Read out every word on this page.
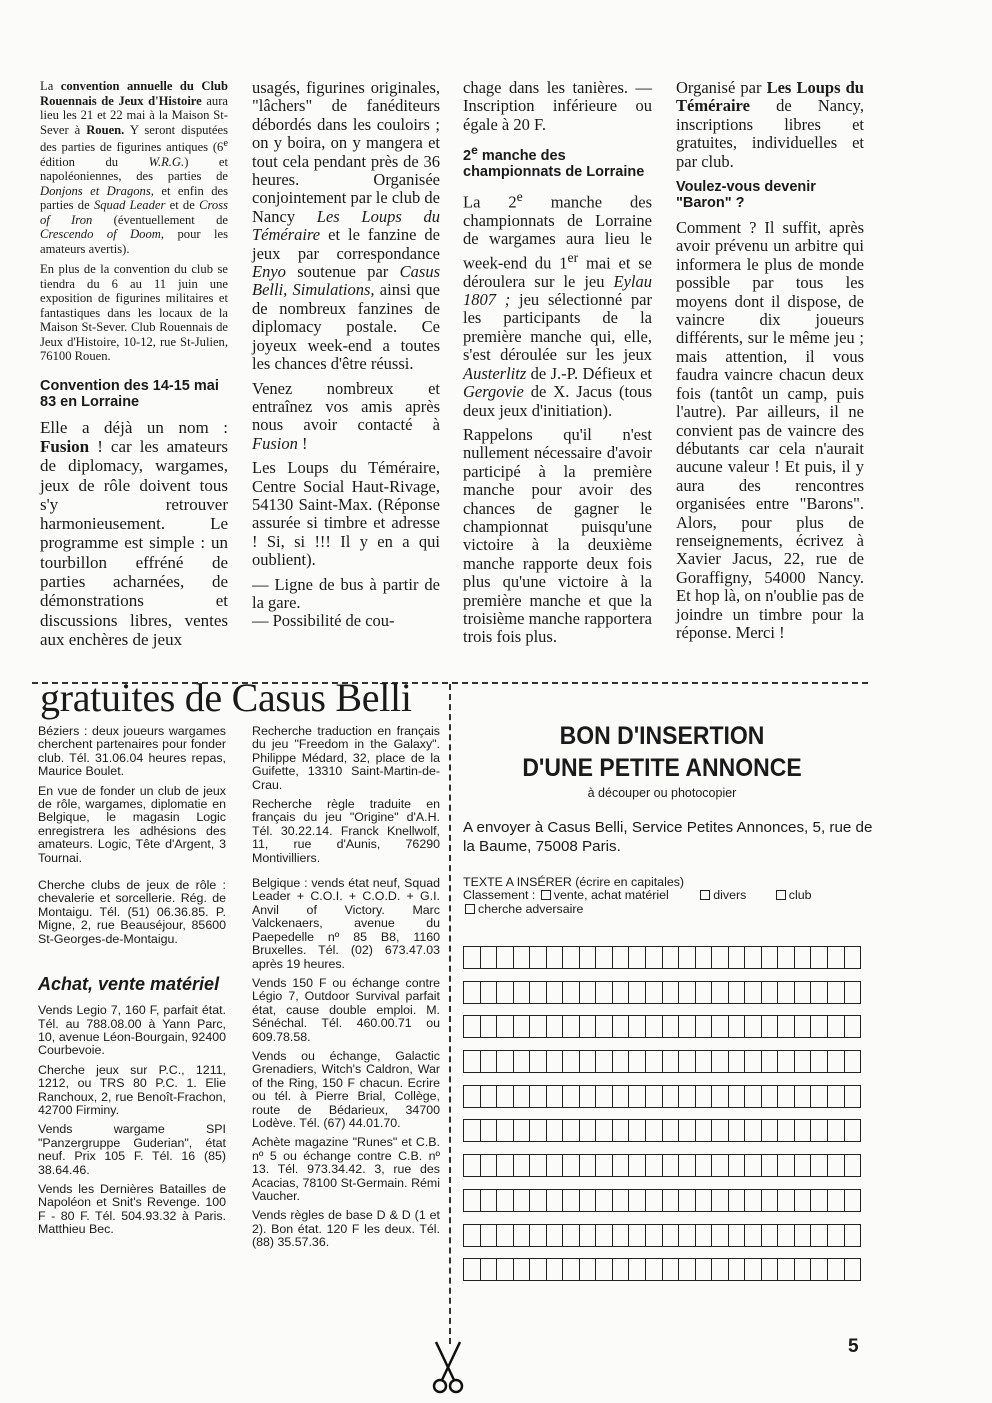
La convention annuelle du Club Rouennais de Jeux d'Histoire aura lieu les 21 et 22 mai à la Maison St-Sever à Rouen. Y seront disputées des parties de figurines antiques (6e édition du W.R.G.) et napoléoniennes, des parties de Donjons et Dragons, et enfin des parties de Squad Leader et de Cross of Iron (éventuellement de Crescendo of Doom, pour les amateurs avertis).

En plus de la convention du club se tiendra du 6 au 11 juin une exposition de figurines militaires et fantastiques dans les locaux de la Maison St-Sever. Club Rouennais de Jeux d'Histoire, 10-12, rue St-Julien, 76100 Rouen.

Convention des 14-15 mai 83 en Lorraine

Elle a déjà un nom : Fusion ! car les amateurs de diplomacy, wargames, jeux de rôle doivent tous s'y retrouver harmonieusement. Le programme est simple : un tourbillon effréné de parties acharnées, de démonstrations et discussions libres, ventes aux enchères de jeux

usagés, figurines originales, "lâchers" de fanéditeurs débordés dans les couloirs ; on y boira, on y mangera et tout cela pendant près de 36 heures. Organisée conjointement par le club de Nancy Les Loups du Téméraire et le fanzine de jeux par correspondance Enyo soutenue par Casus Belli, Simulations, ainsi que de nombreux fanzines de diplomacy postale. Ce joyeux week-end a toutes les chances d'être réussi.

Venez nombreux et entraînez vos amis après nous avoir contacté à Fusion !

Les Loups du Téméraire, Centre Social Haut-Rivage, 54130 Saint-Max. (Réponse assurée si timbre et adresse ! Si, si !!! Il y en a qui oublient).

— Ligne de bus à partir de la gare.

— Possibilité de cou-

chage dans les tanières. — Inscription inférieure ou égale à 20 F.

2e manche des championnats de Lorraine

La 2e manche des championnats de Lorraine de wargames aura lieu le week-end du 1er mai et se déroulera sur le jeu Eylau 1807 ; jeu sélectionné par les participants de la première manche qui, elle, s'est déroulée sur les jeux Austerlitz de J.-P. Défieux et Gergovie de X. Jacus (tous deux jeux d'initiation).

Rappelons qu'il n'est nullement nécessaire d'avoir participé à la première manche pour avoir des chances de gagner le championnat puisqu'une victoire à la deuxième manche rapporte deux fois plus qu'une victoire à la première manche et que la troisième manche rapportera trois fois plus.

Organisé par Les Loups du Téméraire de Nancy, inscriptions libres et gratuites, individuelles et par club.

Voulez-vous devenir "Baron" ?

Comment ? Il suffit, après avoir prévenu un arbitre qui informera le plus de monde possible par tous les moyens dont il dispose, de vaincre dix joueurs différents, sur le même jeu ; mais attention, il vous faudra vaincre chacun deux fois (tantôt un camp, puis l'autre). Par ailleurs, il ne convient pas de vaincre des débutants car cela n'aurait aucune valeur ! Et puis, il y aura des rencontres organisées entre "Barons". Alors, pour plus de renseignements, écrivez à Xavier Jacus, 22, rue de Goraffigny, 54000 Nancy. Et hop là, on n'oublie pas de joindre un timbre pour la réponse. Merci !

gratuites de Casus Belli

Béziers : deux joueurs wargames cherchent partenaires pour fonder club. Tél. 31.06.04 heures repas, Maurice Boulet.

En vue de fonder un club de jeux de rôle, wargames, diplomatie en Belgique, le magasin Logic enregistrera les adhésions des amateurs. Logic, Tête d'Argent, 3 Tournai.

Cherche clubs de jeux de rôle : chevalerie et sorcellerie. Rég. de Montaigu. Tél. (51) 06.36.85. P. Migne, 2, rue Beauséjour, 85600 St-Georges-de-Montaigu.

Achat, vente matériel

Vends Legio 7, 160 F, parfait état. Tél. au 788.08.00 à Yann Parc, 10, avenue Léon-Bourgain, 92400 Courbevoie.

Cherche jeux sur P.C., 1211, 1212, ou TRS 80 P.C. 1. Elie Ranchoux, 2, rue Benoît-Frachon, 42700 Firminy.

Vends wargame SPI "Panzergruppe Guderian", état neuf. Prix 105 F. Tél. 16 (85) 38.64.46.

Vends les Dernières Batailles de Napoléon et Snit's Revenge. 100 F - 80 F. Tél. 504.93.32 à Paris. Matthieu Bec.

Recherche traduction en français du jeu "Freedom in the Galaxy". Philippe Médard, 32, place de la Guifette, 13310 Saint-Martin-de-Crau.

Recherche règle traduite en français du jeu "Origine" d'A.H. Tél. 30.22.14. Franck Knellwolf, 11, rue d'Aunis, 76290 Montivilliers.

Belgique : vends état neuf, Squad Leader + C.O.I. + C.O.D. + G.I. Anvil of Victory. Marc Valckenaers, avenue du Paepedelle nº 85 B8, 1160 Bruxelles. Tél. (02) 673.47.03 après 19 heures.

Vends 150 F ou échange contre Légio 7, Outdoor Survival parfait état, cause double emploi. M. Sénéchal. Tél. 460.00.71 ou 609.78.58.

Vends ou échange, Galactic Grenadiers, Witch's Caldron, War of the Ring, 150 F chacun. Ecrire ou tél. à Pierre Brial, Collège, route de Bédarieux, 34700 Lodève. Tél. (67) 44.01.70.

Achète magazine "Runes" et C.B. nº 5 ou échange contre C.B. nº 13. Tél. 973.34.42. 3, rue des Acacias, 78100 St-Germain. Rémi Vaucher.

Vends règles de base D & D (1 et 2). Bon état. 120 F les deux. Tél. (88) 35.57.36.

BON D'INSERTION
D'UNE PETITE ANNONCE
à découper ou photocopier
A envoyer à Casus Belli, Service Petites Annonces, 5, rue de la Baume, 75008 Paris.
TEXTE A INSÉRER (écrire en capitales)
Classement : vente, achat matériel	divers	club
cherche adversaire
5
